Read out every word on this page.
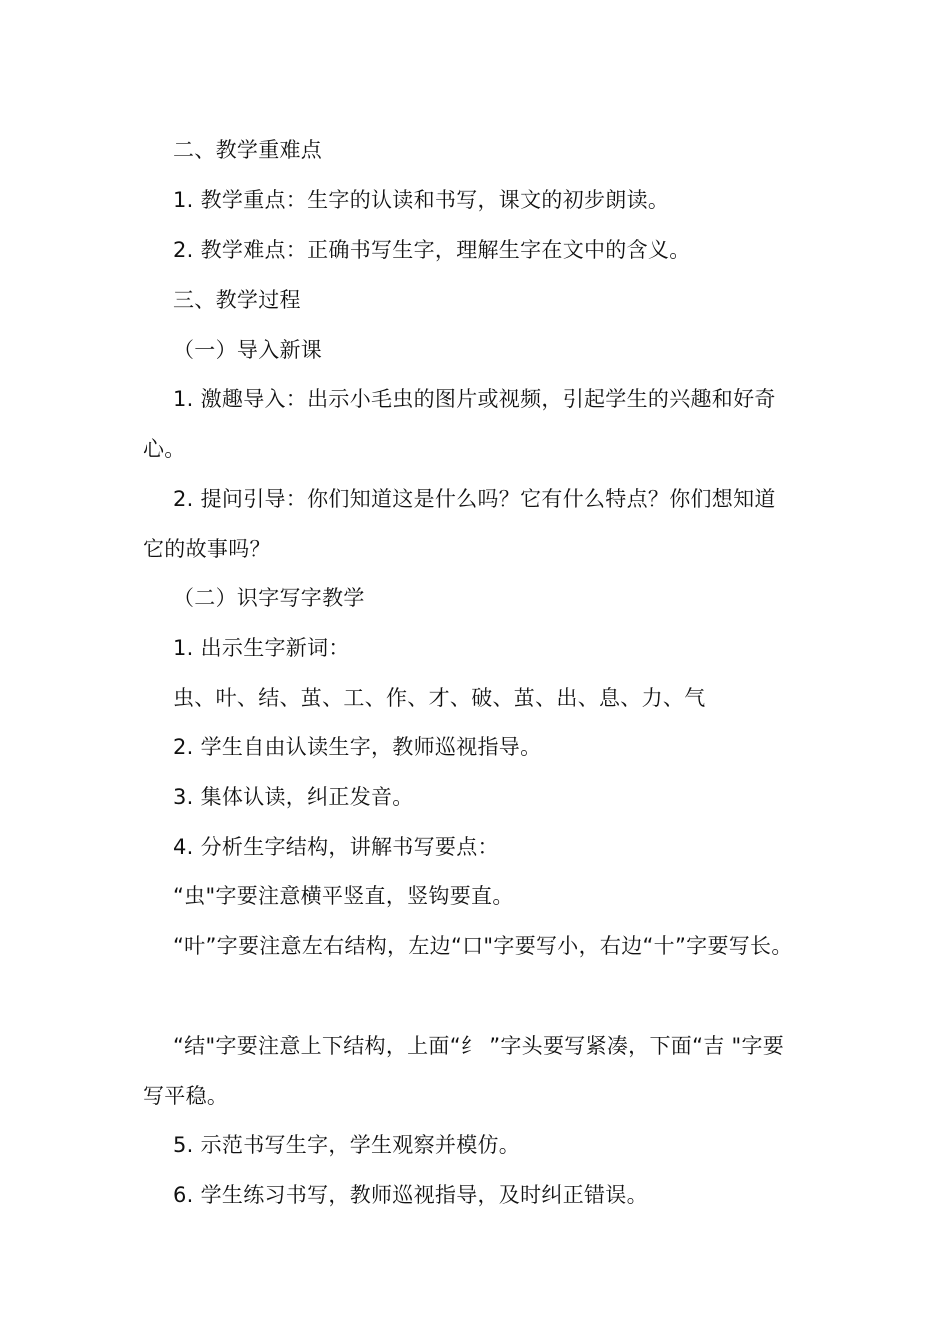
二、教学重难点
1. 教学重点：生字的认读和书写，课文的初步朗读。
2. 教学难点：正确书写生字，理解生字在文中的含义。
三、教学过程
（一）导入新课
1. 激趣导入：出示小毛虫的图片或视频，引起学生的兴趣和好奇
心。
2. 提问引导：你们知道这是什么吗？它有什么特点？你们想知道
它的故事吗？
（二）识字写字教学
1. 出示生字新词：
虫、叶、结、茧、工、作、才、破、茧、出、息、力、气
2. 学生自由认读生字，教师巡视指导。
3. 集体认读，纠正发音。
4. 分析生字结构，讲解书写要点：
“虫"字要注意横平竖直，竖钩要直。
“叶”字要注意左右结构，左边“口"字要写小，右边“十”字要写长。
“结"字要注意上下结构，上面“纟 ”字头要写紧凑，下面“吉 "字要
写平稳。
5. 示范书写生字，学生观察并模仿。
6. 学生练习书写，教师巡视指导，及时纠正错误。
